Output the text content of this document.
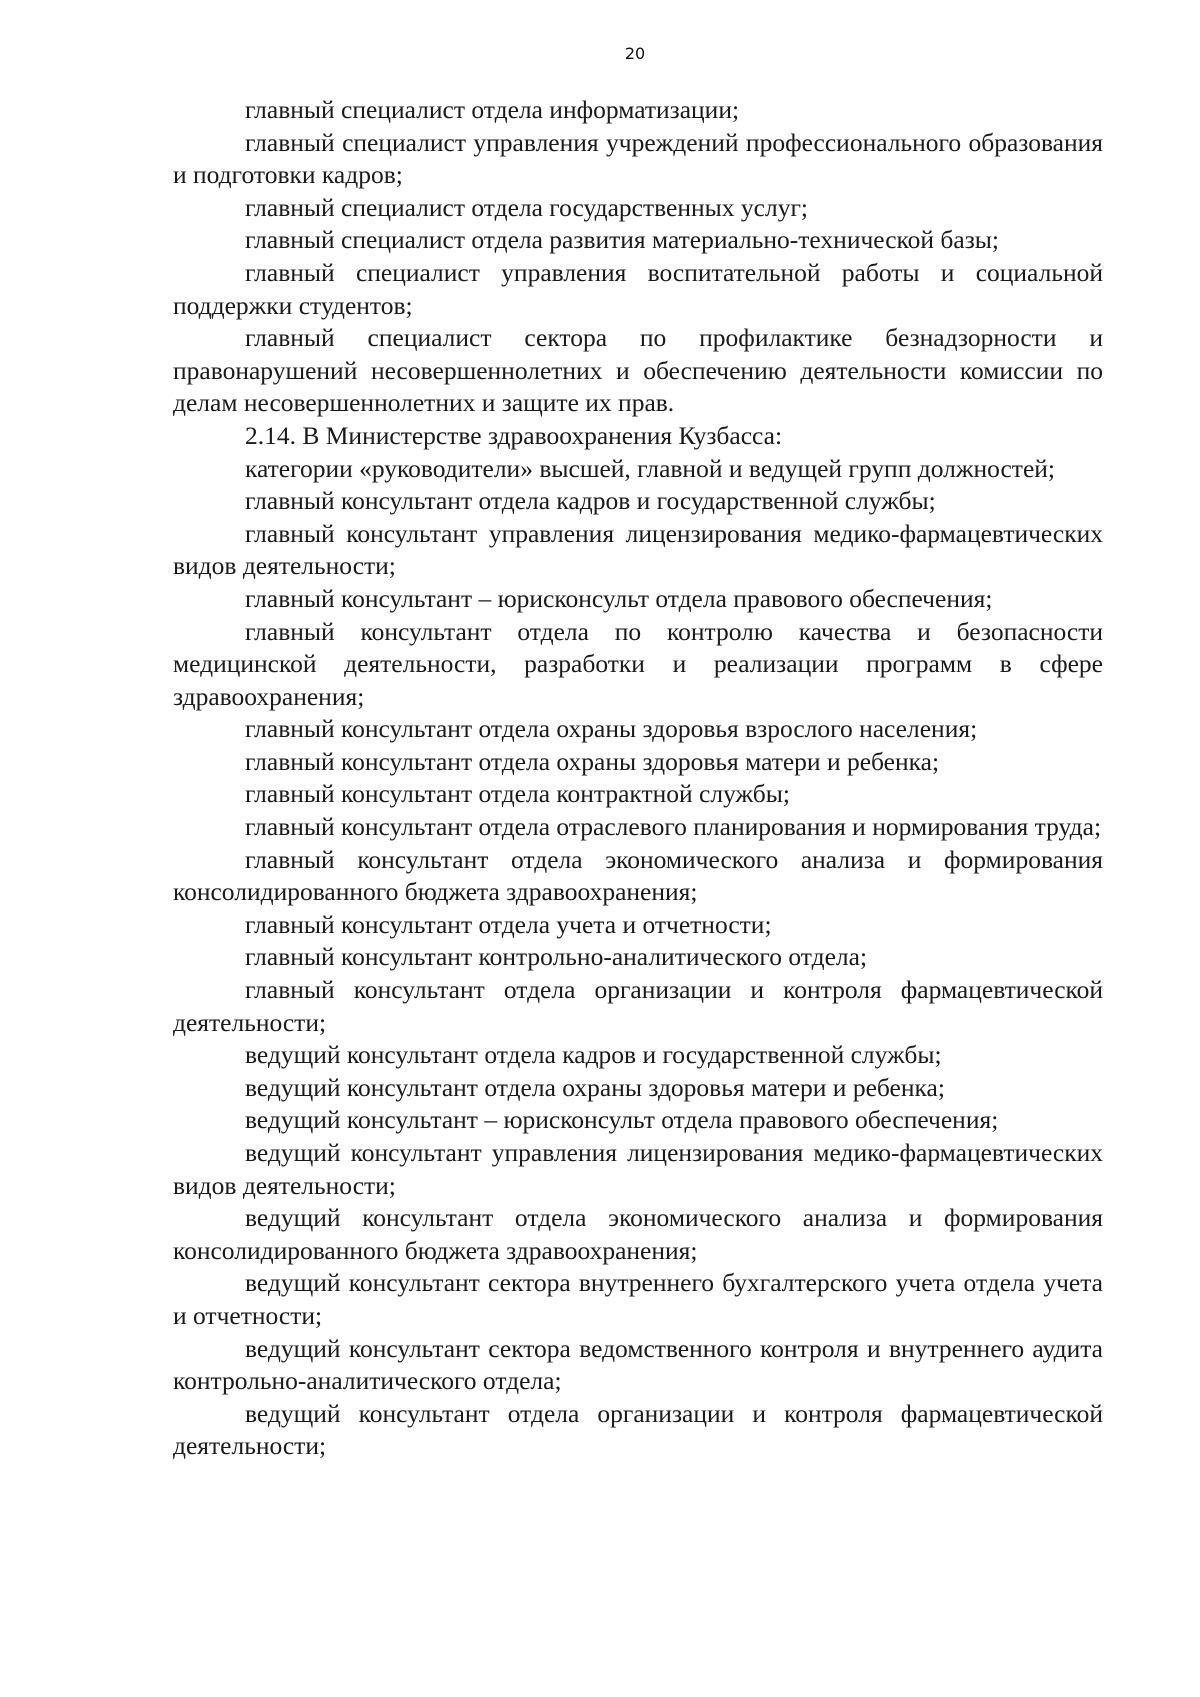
20

главный специалист отдела информатизации;

главный специалист управления учреждений профессионального образования и подготовки кадров;

главный специалист отдела государственных услуг;

главный специалист отдела развития материально-технической базы;

главный специалист управления воспитательной работы и социальной поддержки студентов;

главный специалист сектора по профилактике безнадзорности и правонарушений несовершеннолетних и обеспечению деятельности комиссии по делам несовершеннолетних и защите их прав.

2.14. В Министерстве здравоохранения Кузбасса:

категории «руководители» высшей, главной и ведущей групп должностей;

главный консультант отдела кадров и государственной службы;

главный консультант управления лицензирования медико-фармацевтических видов деятельности;

главный консультант – юрисконсульт отдела правового обеспечения;

главный консультант отдела по контролю качества и безопасности медицинской деятельности, разработки и реализации программ в сфере здравоохранения;

главный консультант отдела охраны здоровья взрослого населения;

главный консультант отдела охраны здоровья матери и ребенка;

главный консультант отдела контрактной службы;

главный консультант отдела отраслевого планирования и нормирования труда;

главный консультант отдела экономического анализа и формирования консолидированного бюджета здравоохранения;

главный консультант отдела учета и отчетности;

главный консультант контрольно-аналитического отдела;

главный консультант отдела организации и контроля фармацевтической деятельности;

ведущий консультант отдела кадров и государственной службы;

ведущий консультант отдела охраны здоровья матери и ребенка;

ведущий консультант – юрисконсульт отдела правового обеспечения;

ведущий консультант управления лицензирования медико-фармацевтических видов деятельности;

ведущий консультант отдела экономического анализа и формирования консолидированного бюджета здравоохранения;

ведущий консультант сектора внутреннего бухгалтерского учета отдела учета и отчетности;

ведущий консультант сектора ведомственного контроля и внутреннего аудита контрольно-аналитического отдела;

ведущий консультант отдела организации и контроля фармацевтической деятельности;
